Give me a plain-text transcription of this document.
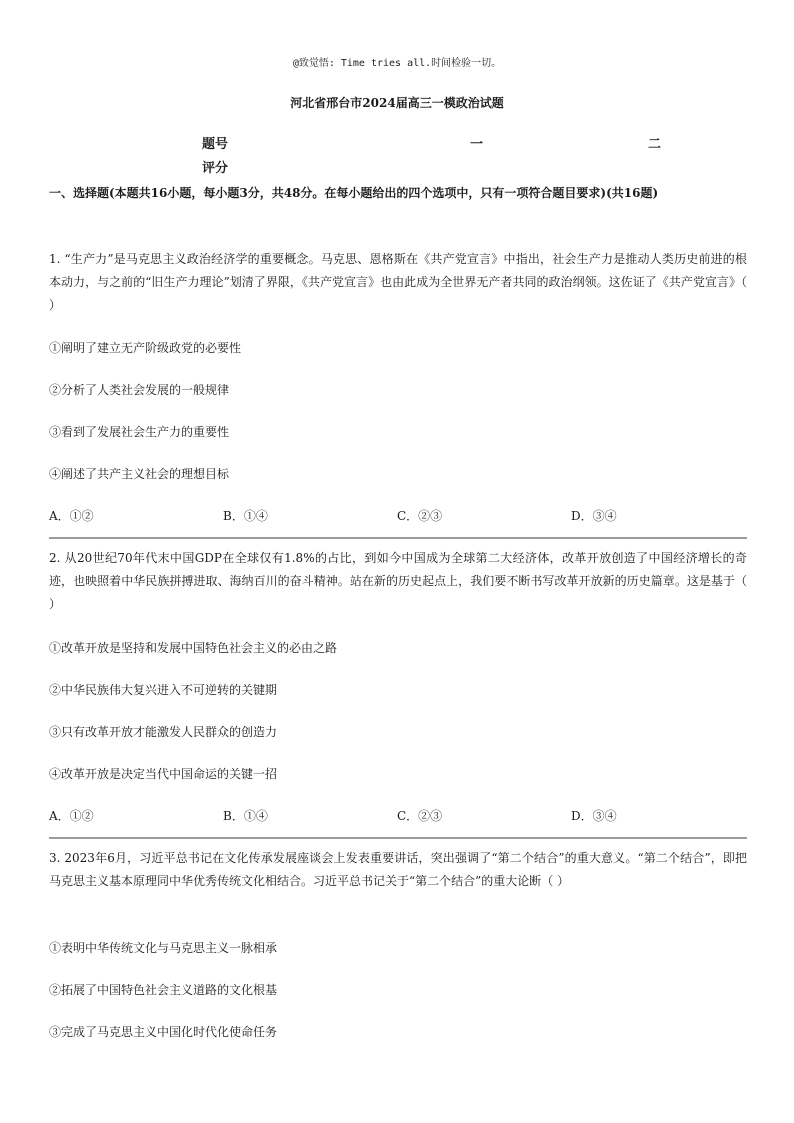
@致觉悟: Time tries all.时间检验一切。
河北省邢台市2024届高三一模政治试题
题号	一	二
评分
一、选择题(本题共16小题，每小题3分，共48分。在每小题给出的四个选项中，只有一项符合题目要求)(共16题)
1. “生产力”是马克思主义政治经济学的重要概念。马克思、恩格斯在《共产党宣言》中指出，社会生产力是推动人类历史前进的根本动力，与之前的“旧生产力理论”划清了界限，《共产党宣言》也由此成为全世界无产者共同的政治纲领。这佐证了《共产党宣言》（ ）
①阐明了建立无产阶级政党的必要性
②分析了人类社会发展的一般规律
③看到了发展社会生产力的重要性
④阐述了共产主义社会的理想目标
A．①②	B．①④	C．②③	D．③④
2. 从20世纪70年代末中国GDP在全球仅有1.8%的占比，到如今中国成为全球第二大经济体，改革开放创造了中国经济增长的奇迹，也映照着中华民族拼搏进取、海纳百川的奋斗精神。站在新的历史起点上，我们要不断书写改革开放新的历史篇章。这是基于（ ）
①改革开放是坚持和发展中国特色社会主义的必由之路
②中华民族伟大复兴进入不可逆转的关键期
③只有改革开放才能激发人民群众的创造力
④改革开放是决定当代中国命运的关键一招
A．①②	B．①④	C．②③	D．③④
3. 2023年6月，习近平总书记在文化传承发展座谈会上发表重要讲话，突出强调了“第二个结合”的重大意义。“第二个结合”，即把马克思主义基本原理同中华优秀传统文化相结合。习近平总书记关于“第二个结合”的重大论断（ ）
①表明中华传统文化与马克思主义一脉相承
②拓展了中国特色社会主义道路的文化根基
③完成了马克思主义中国化时代化使命任务
